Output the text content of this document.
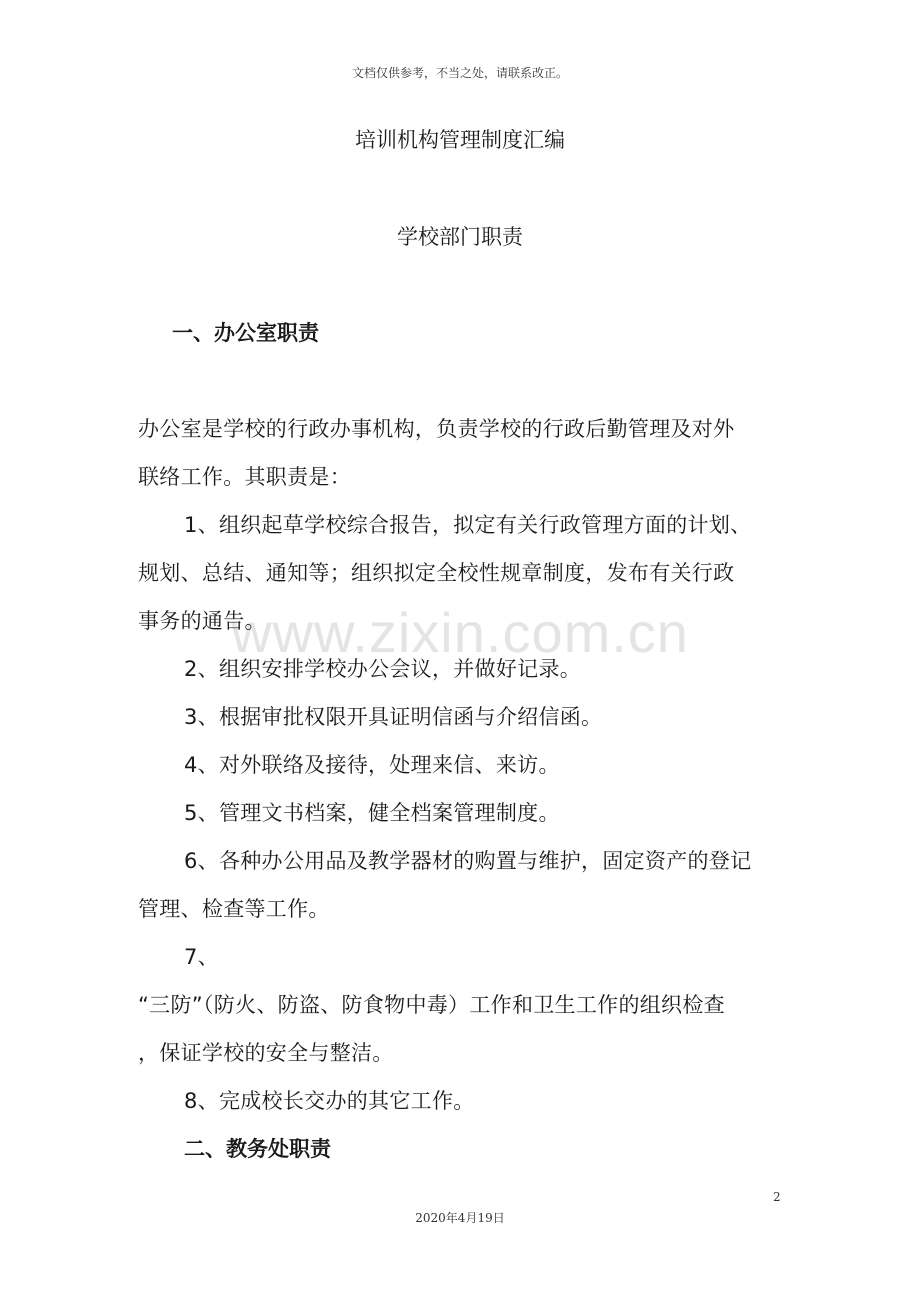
文档仅供参考，不当之处，请联系改正。
培训机构管理制度汇编
学校部门职责
一、办公室职责
www.zixin.com.cn
办公室是学校的行政办事机构，负责学校的行政后勤管理及对外
联络工作。其职责是：
1、组织起草学校综合报告，拟定有关行政管理方面的计划、
规划、总结、通知等；组织拟定全校性规章制度，发布有关行政
事务的通告。
2、组织安排学校办公会议，并做好记录。
3、根据审批权限开具证明信函与介绍信函。
4、对外联络及接待，处理来信、来访。
5、管理文书档案，健全档案管理制度。
6、各种办公用品及教学器材的购置与维护，固定资产的登记
管理、检查等工作。
7、
“三防”（防火、防盗、防食物中毒）工作和卫生工作的组织检查
，保证学校的安全与整洁。
8、完成校长交办的其它工作。
二、教务处职责
2
2020年4月19日
